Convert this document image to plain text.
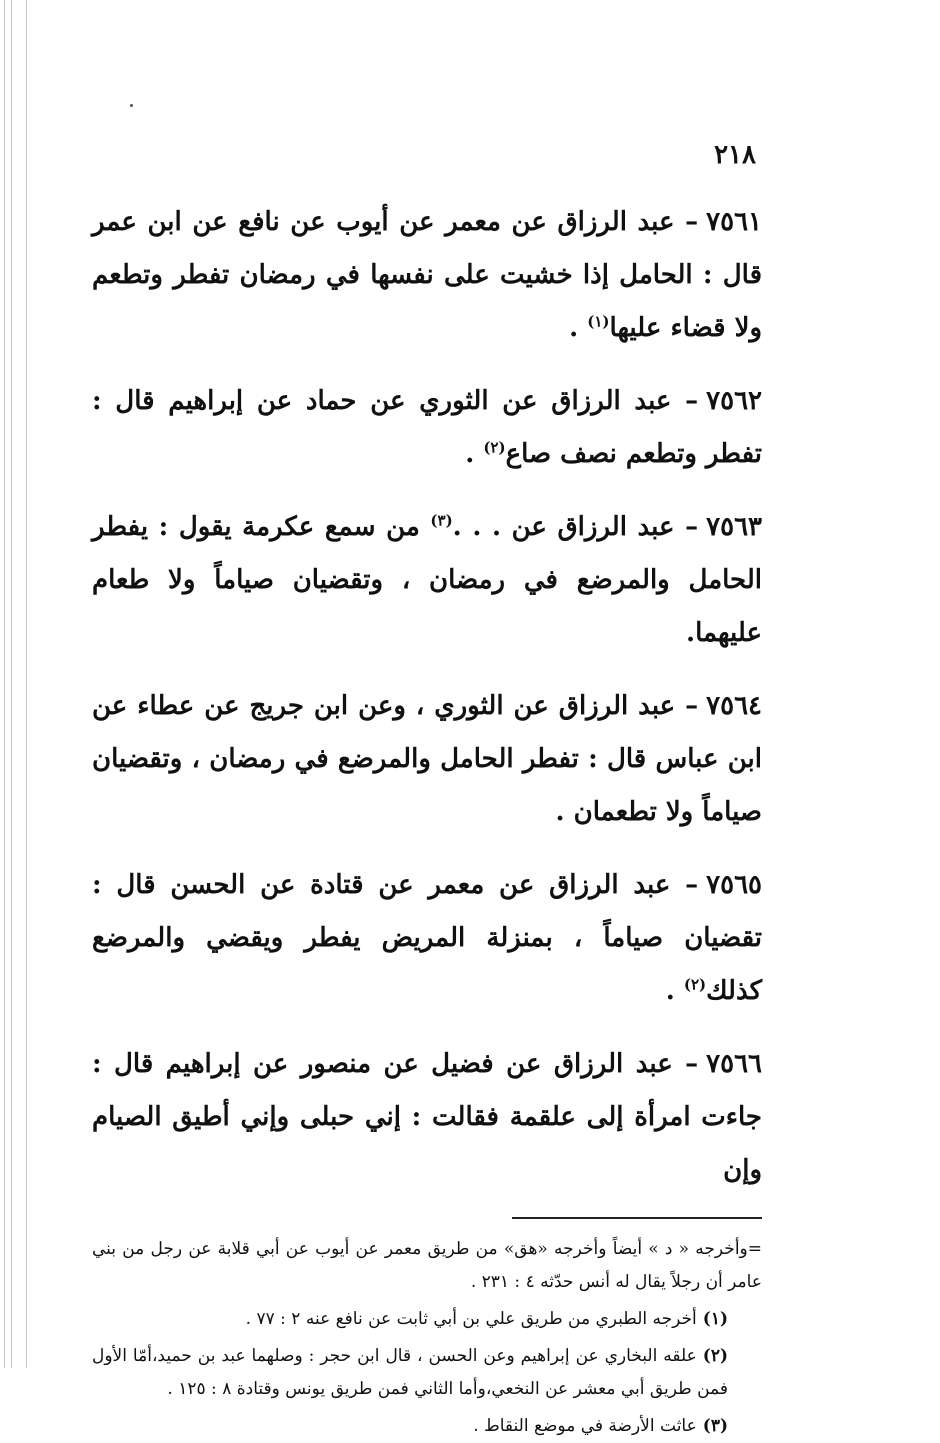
٢١٨
٧٥٦١– عبد الرزاق عن معمر عن أيوب عن نافع عن ابن عمر قال : الحامل إذا خشيت على نفسها في رمضان تفطر وتطعم ولا قضاء عليها$^{(١)}$ .
٧٥٦٢– عبد الرزاق عن الثوري عن حماد عن إبراهيم قال : تفطر وتطعم نصف صاع$^{(٢)}$ .
٧٥٦٣– عبد الرزاق عن . . .$^{(٣)}$ من سمع عكرمة يقول : يفطر الحامل والمرضع في رمضان ، وتقضيان صياماً ولا طعام عليهما.
٧٥٦٤– عبد الرزاق عن الثوري ، وعن ابن جريج عن عطاء عن ابن عباس قال : تفطر الحامل والمرضع في رمضان ، وتقضيان صياماً ولا تطعمان .
٧٥٦٥– عبد الرزاق عن معمر عن قتادة عن الحسن قال : تقضيان صياماً ، بمنزلة المريض يفطر ويقضي والمرضع كذلك$^{(٢)}$ .
٧٥٦٦– عبد الرزاق عن فضيل عن منصور عن إبراهيم قال : جاءت امرأة إلى علقمة فقالت : إني حبلى وإني أطيق الصيام وإن
=وأخرجه « د » أيضاً وأخرجه «هق» من طريق معمر عن أيوب عن أبي قلابة عن رجل من بني عامر أن رجلاً يقال له أنس حدّثه ٤ : ٢٣١ .
(١)أخرجه الطبري من طريق علي بن أبي ثابت عن نافع عنه ٢ : ٧٧ .
(٢)علقه البخاري عن إبراهيم وعن الحسن ، قال ابن حجر : وصلهما عبد بن حميد،أمّا الأول فمن طريق أبي معشر عن النخعي،وأما الثاني فمن طريق يونس وقتادة ٨ : ١٢٥ .
(٣)عاثت الأرضة في موضع النقاط .
